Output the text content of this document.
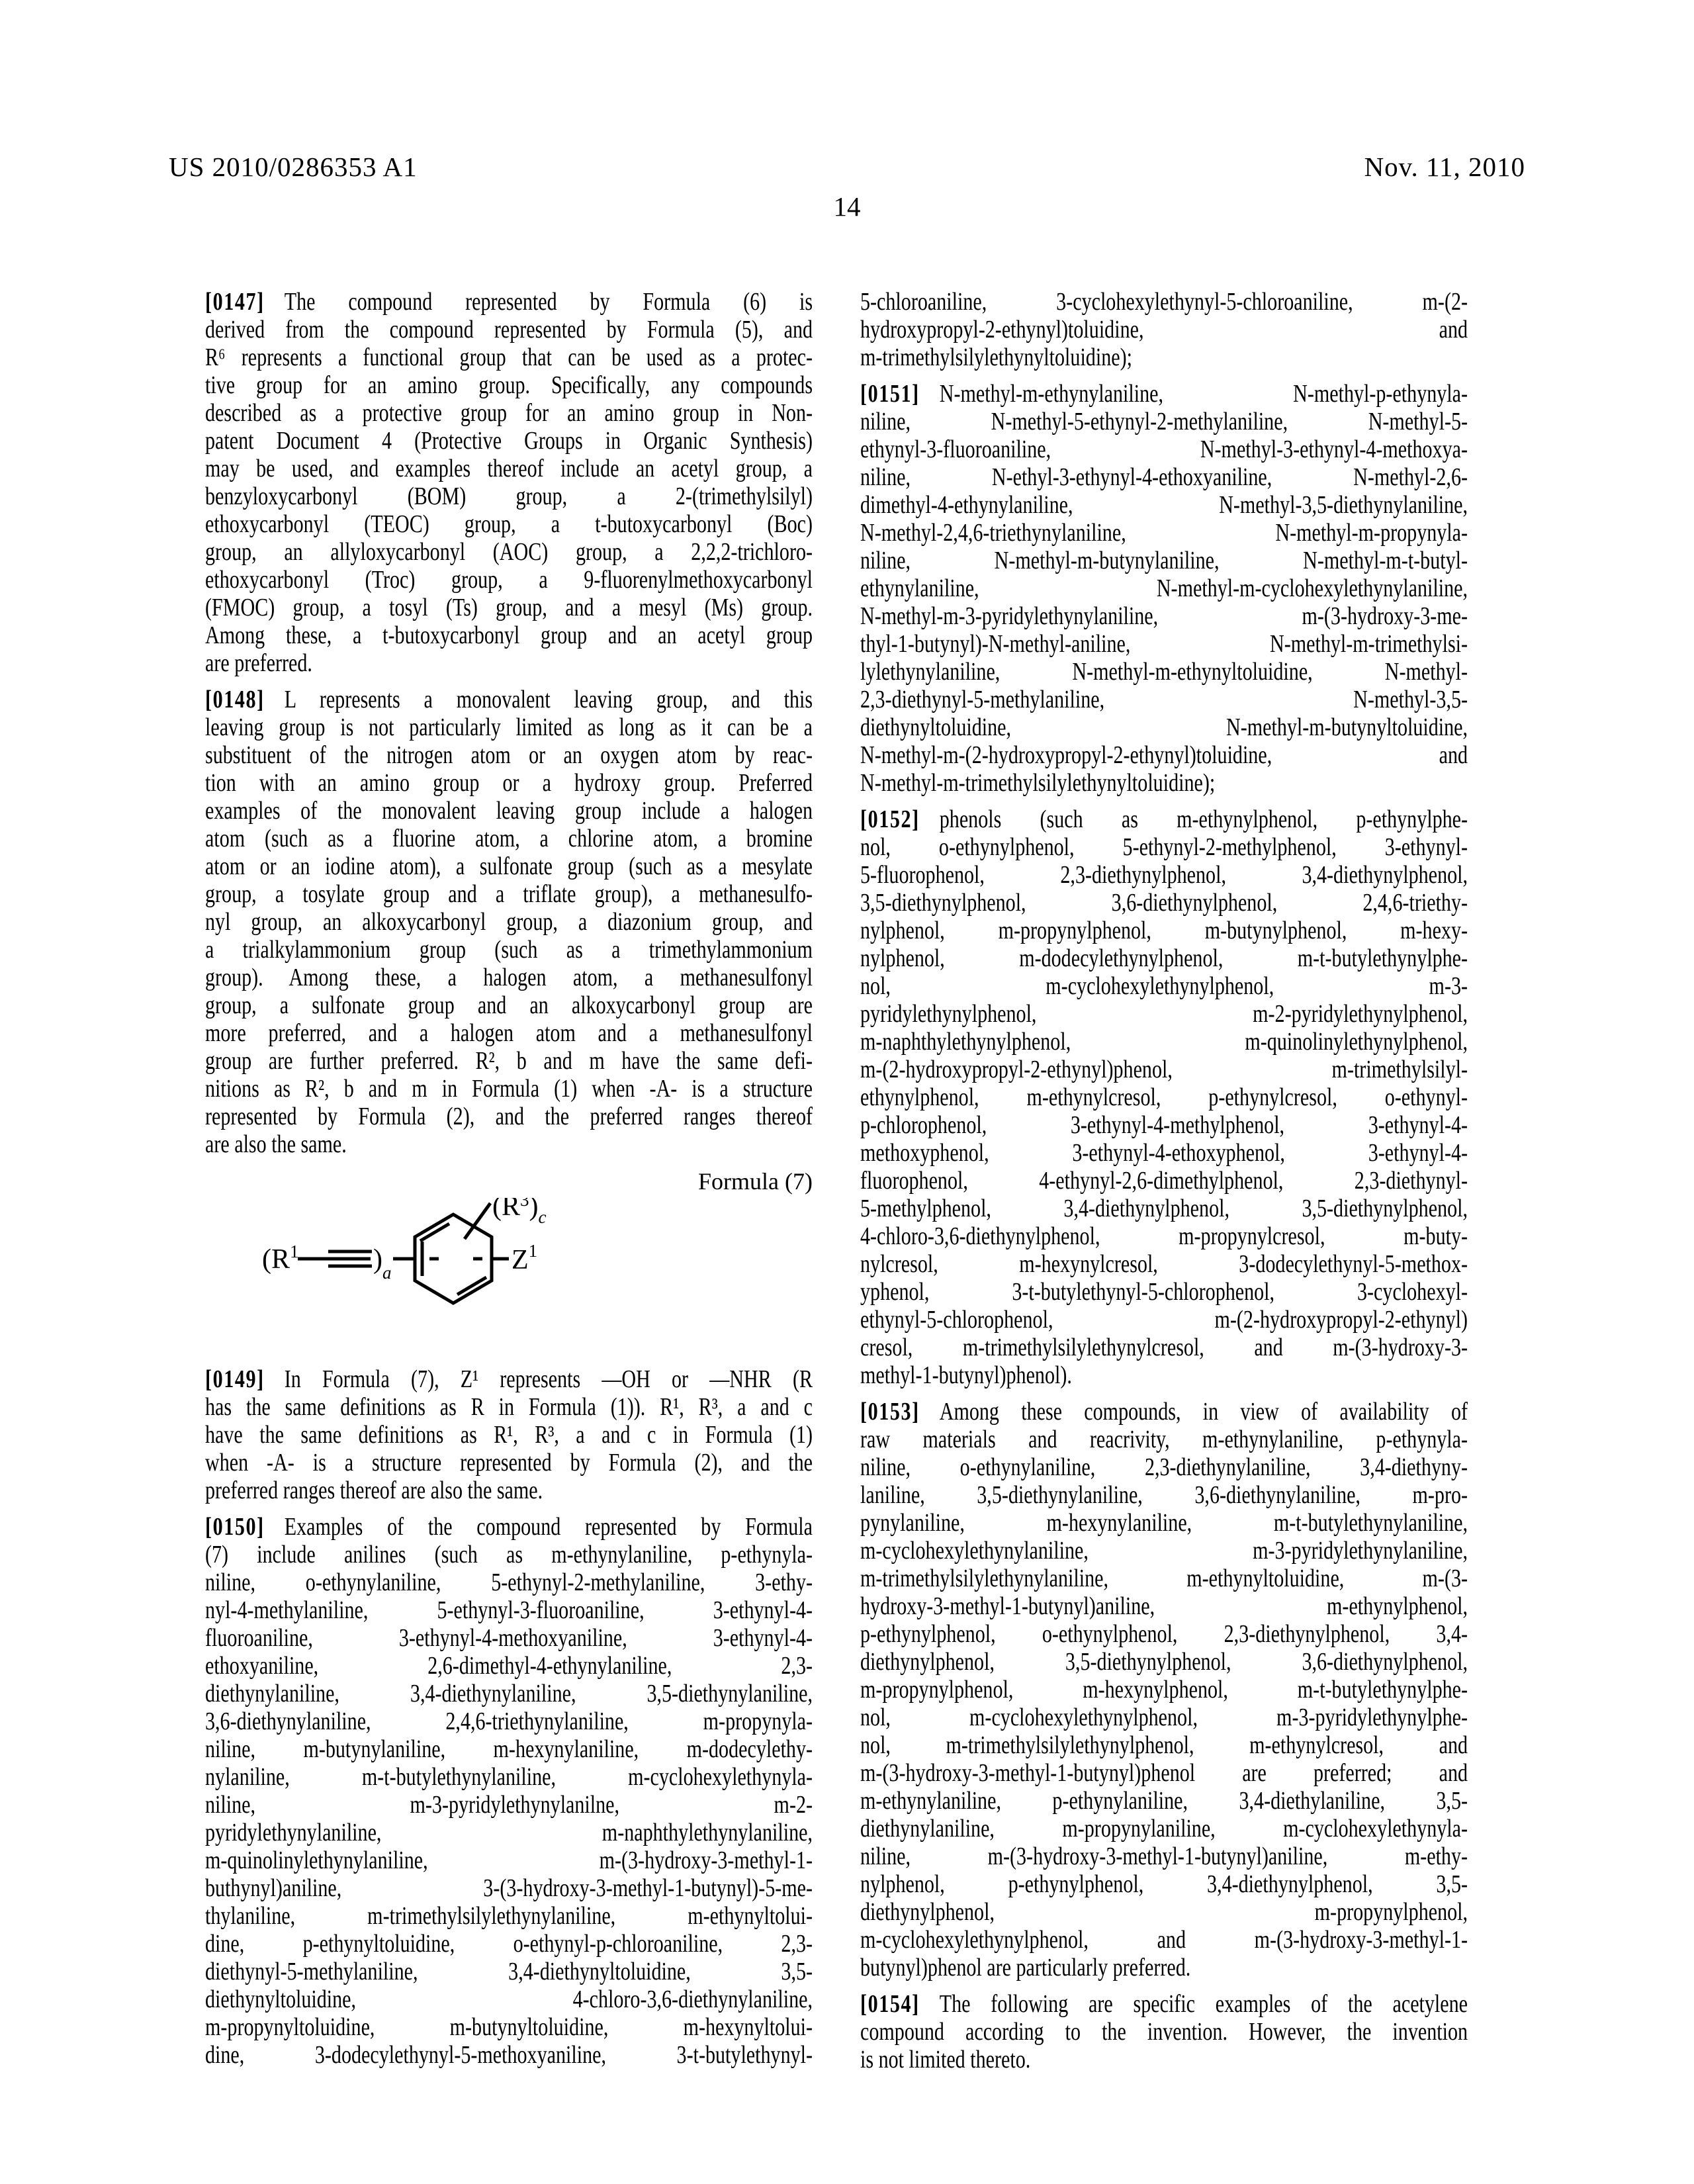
US 2010/0286353 A1	Nov. 11, 2010
14
[0147] The compound represented by Formula (6) is
derived from the compound represented by Formula (5), and
R⁶ represents a functional group that can be used as a protec-
tive group for an amino group. Specifically, any compounds
described as a protective group for an amino group in Non-
patent Document 4 (Protective Groups in Organic Synthesis)
may be used, and examples thereof include an acetyl group, a
benzyloxycarbonyl (BOM) group, a 2-(trimethylsilyl)
ethoxycarbonyl (TEOC) group, a t-butoxycarbonyl (Boc)
group, an allyloxycarbonyl (AOC) group, a 2,2,2-trichloro-
ethoxycarbonyl (Troc) group, a 9-fluorenylmethoxycarbonyl
(FMOC) group, a tosyl (Ts) group, and a mesyl (Ms) group.
Among these, a t-butoxycarbonyl group and an acetyl group
are preferred.
[0148] L represents a monovalent leaving group, and this
leaving group is not particularly limited as long as it can be a
substituent of the nitrogen atom or an oxygen atom by reac-
tion with an amino group or a hydroxy group. Preferred
examples of the monovalent leaving group include a halogen
atom (such as a fluorine atom, a chlorine atom, a bromine
atom or an iodine atom), a sulfonate group (such as a mesylate
group, a tosylate group and a triflate group), a methanesulfo-
nyl group, an alkoxycarbonyl group, a diazonium group, and
a trialkylammonium group (such as a trimethylammonium
group). Among these, a halogen atom, a methanesulfonyl
group, a sulfonate group and an alkoxycarbonyl group are
more preferred, and a halogen atom and a methanesulfonyl
group are further preferred. R², b and m have the same defi-
nitions as R², b and m in Formula (1) when -A- is a structure
represented by Formula (2), and the preferred ranges thereof
are also the same.
Formula (7)
($R^1$	)$_a$	$Z^1$
$(R^3)_c$
[0149] In Formula (7), Z¹ represents —OH or —NHR (R
has the same definitions as R in Formula (1)). R¹, R³, a and c
have the same definitions as R¹, R³, a and c in Formula (1)
when -A- is a structure represented by Formula (2), and the
preferred ranges thereof are also the same.
[0150] Examples of the compound represented by Formula
(7) include anilines (such as m-ethynylaniline, p-ethynyla-
niline, o-ethynylaniline, 5-ethynyl-2-methylaniline, 3-ethy-
nyl-4-methylaniline, 5-ethynyl-3-fluoroaniline, 3-ethynyl-4-
fluoroaniline, 3-ethynyl-4-methoxyaniline, 3-ethynyl-4-
ethoxyaniline, 2,6-dimethyl-4-ethynylaniline, 2,3-
diethynylaniline, 3,4-diethynylaniline, 3,5-diethynylaniline,
3,6-diethynylaniline, 2,4,6-triethynylaniline, m-propynyla-
niline, m-butynylaniline, m-hexynylaniline, m-dodecylethy-
nylaniline, m-t-butylethynylaniline, m-cyclohexylethynyla-
niline, m-3-pyridylethynylanilne, m-2-
pyridylethynylaniline, m-naphthylethynylaniline,
m-quinolinylethynylaniline, m-(3-hydroxy-3-methyl-1-
buthynyl)aniline, 3-(3-hydroxy-3-methyl-1-butynyl)-5-me-
thylaniline, m-trimethylsilylethynylaniline, m-ethynyltolui-
dine, p-ethynyltoluidine, o-ethynyl-p-chloroaniline, 2,3-
diethynyl-5-methylaniline, 3,4-diethynyltoluidine, 3,5-
diethynyltoluidine, 4-chloro-3,6-diethynylaniline,
m-propynyltoluidine, m-butynyltoluidine, m-hexynyltolui-
dine, 3-dodecylethynyl-5-methoxyaniline, 3-t-butylethynyl-
5-chloroaniline, 3-cyclohexylethynyl-5-chloroaniline, m-(2-
hydroxypropyl-2-ethynyl)toluidine, and
m-trimethylsilylethynyltoluidine);
[0151] N-methyl-m-ethynylaniline, N-methyl-p-ethynyla-
niline, N-methyl-5-ethynyl-2-methylaniline, N-methyl-5-
ethynyl-3-fluoroaniline, N-methyl-3-ethynyl-4-methoxya-
niline, N-ethyl-3-ethynyl-4-ethoxyaniline, N-methyl-2,6-
dimethyl-4-ethynylaniline, N-methyl-3,5-diethynylaniline,
N-methyl-2,4,6-triethynylaniline, N-methyl-m-propynyla-
niline, N-methyl-m-butynylaniline, N-methyl-m-t-butyl-
ethynylaniline, N-methyl-m-cyclohexylethynylaniline,
N-methyl-m-3-pyridylethynylaniline, m-(3-hydroxy-3-me-
thyl-1-butynyl)-N-methyl-aniline, N-methyl-m-trimethylsi-
lylethynylaniline, N-methyl-m-ethynyltoluidine, N-methyl-
2,3-diethynyl-5-methylaniline, N-methyl-3,5-
diethynyltoluidine, N-methyl-m-butynyltoluidine,
N-methyl-m-(2-hydroxypropyl-2-ethynyl)toluidine, and
N-methyl-m-trimethylsilylethynyltoluidine);
[0152] phenols (such as m-ethynylphenol, p-ethynylphe-
nol, o-ethynylphenol, 5-ethynyl-2-methylphenol, 3-ethynyl-
5-fluorophenol, 2,3-diethynylphenol, 3,4-diethynylphenol,
3,5-diethynylphenol, 3,6-diethynylphenol, 2,4,6-triethy-
nylphenol, m-propynylphenol, m-butynylphenol, m-hexy-
nylphenol, m-dodecylethynylphenol, m-t-butylethynylphe-
nol, m-cyclohexylethynylphenol, m-3-
pyridylethynylphenol, m-2-pyridylethynylphenol,
m-naphthylethynylphenol, m-quinolinylethynylphenol,
m-(2-hydroxypropyl-2-ethynyl)phenol, m-trimethylsilyl-
ethynylphenol, m-ethynylcresol, p-ethynylcresol, o-ethynyl-
p-chlorophenol, 3-ethynyl-4-methylphenol, 3-ethynyl-4-
methoxyphenol, 3-ethynyl-4-ethoxyphenol, 3-ethynyl-4-
fluorophenol, 4-ethynyl-2,6-dimethylphenol, 2,3-diethynyl-
5-methylphenol, 3,4-diethynylphenol, 3,5-diethynylphenol,
4-chloro-3,6-diethynylphenol, m-propynylcresol, m-buty-
nylcresol, m-hexynylcresol, 3-dodecylethynyl-5-methox-
yphenol, 3-t-butylethynyl-5-chlorophenol, 3-cyclohexyl-
ethynyl-5-chlorophenol, m-(2-hydroxypropyl-2-ethynyl)
cresol, m-trimethylsilylethynylcresol, and m-(3-hydroxy-3-
methyl-1-butynyl)phenol).
[0153] Among these compounds, in view of availability of
raw materials and reacrivity, m-ethynylaniline, p-ethynyla-
niline, o-ethynylaniline, 2,3-diethynylaniline, 3,4-diethyny-
laniline, 3,5-diethynylaniline, 3,6-diethynylaniline, m-pro-
pynylaniline, m-hexynylaniline, m-t-butylethynylaniline,
m-cyclohexylethynylaniline, m-3-pyridylethynylaniline,
m-trimethylsilylethynylaniline, m-ethynyltoluidine, m-(3-
hydroxy-3-methyl-1-butynyl)aniline, m-ethynylphenol,
p-ethynylphenol, o-ethynylphenol, 2,3-diethynylphenol, 3,4-
diethynylphenol, 3,5-diethynylphenol, 3,6-diethynylphenol,
m-propynylphenol, m-hexynylphenol, m-t-butylethynylphe-
nol, m-cyclohexylethynylphenol, m-3-pyridylethynylphe-
nol, m-trimethylsilylethynylphenol, m-ethynylcresol, and
m-(3-hydroxy-3-methyl-1-butynyl)phenol are preferred; and
m-ethynylaniline, p-ethynylaniline, 3,4-diethylaniline, 3,5-
diethynylaniline, m-propynylaniline, m-cyclohexylethynyla-
niline, m-(3-hydroxy-3-methyl-1-butynyl)aniline, m-ethy-
nylphenol, p-ethynylphenol, 3,4-diethynylphenol, 3,5-
diethynylphenol, m-propynylphenol,
m-cyclohexylethynylphenol, and m-(3-hydroxy-3-methyl-1-
butynyl)phenol are particularly preferred.
[0154] The following are specific examples of the acetylene
compound according to the invention. However, the invention
is not limited thereto.
